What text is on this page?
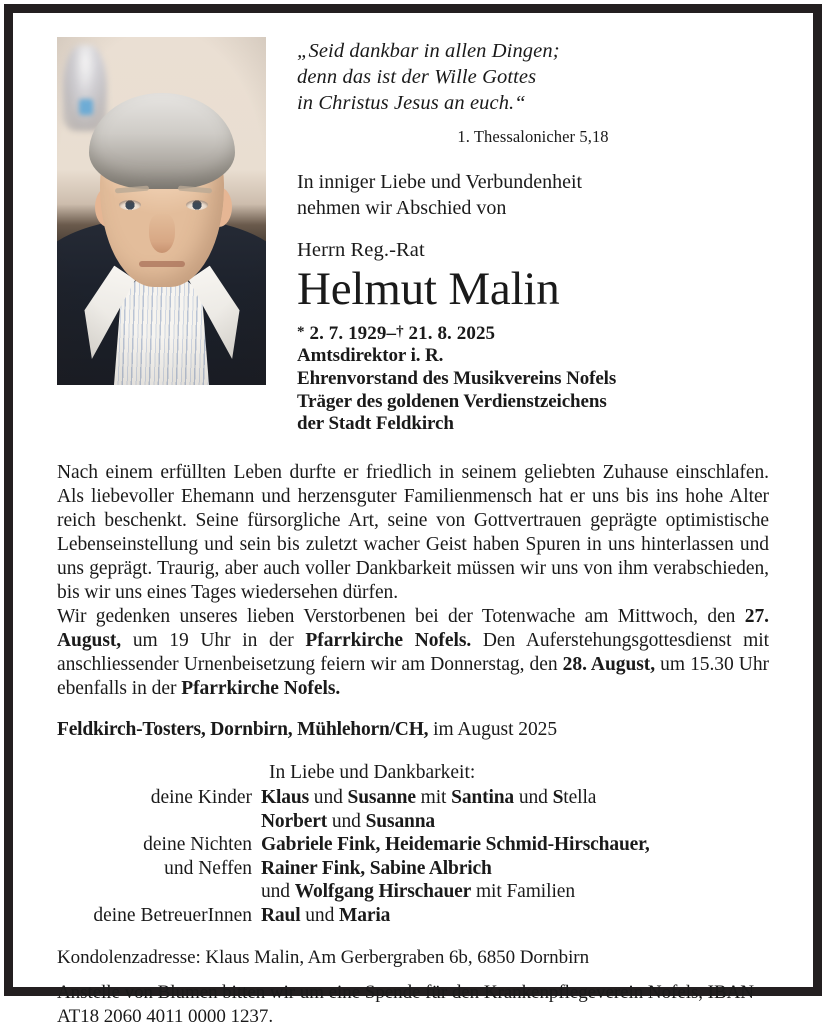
„Seid dankbar in allen Dingen;
denn das ist der Wille Gottes
in Christus Jesus an euch.“
1. Thessalonicher 5,18
In inniger Liebe und Verbundenheit
nehmen wir Abschied von
Herrn Reg.-Rat
Helmut Malin
* 2. 7. 1929–† 21. 8. 2025
Amtsdirektor i. R.
Ehrenvorstand des Musikvereins Nofels
Träger des goldenen Verdienstzeichens
der Stadt Feldkirch

Nach einem erfüllten Leben durfte er friedlich in seinem geliebten Zuhause einschlafen. Als liebevoller Ehemann und herzensguter Familienmensch hat er uns bis ins hohe Alter reich beschenkt. Seine fürsorgliche Art, seine von Gottvertrauen geprägte optimistische Lebenseinstellung und sein bis zuletzt wacher Geist haben Spuren in uns hinterlassen und uns geprägt. Traurig, aber auch voller Dankbarkeit müssen wir uns von ihm verabschieden, bis wir uns eines Tages wiedersehen dürfen.

Wir gedenken unseres lieben Verstorbenen bei der Totenwache am Mittwoch, den 27. August, um 19 Uhr in der Pfarrkirche Nofels. Den Auferstehungsgottesdienst mit anschliessender Urnenbeisetzung feiern wir am Donnerstag, den 28. August, um 15.30 Uhr ebenfalls in der Pfarrkirche Nofels.

Feldkirch-Tosters, Dornbirn, Mühlehorn/CH, im August 2025
In Liebe und Dankbarkeit:
deine Kinder Klaus und Susanne mit Santina und Stella
Norbert und Susanna
deine Nichten Gabriele Fink, Heidemarie Schmid-Hirschauer,
und Neffen Rainer Fink, Sabine Albrich
und Wolfgang Hirschauer mit Familien
deine BetreuerInnen Raul und Maria

Kondolenzadresse: Klaus Malin, Am Gerbergraben 6b, 6850 Dornbirn

Anstelle von Blumen bitten wir um eine Spende für den Krankenpflegeverein Nofels, IBAN AT18 2060 4011 0000 1237.
